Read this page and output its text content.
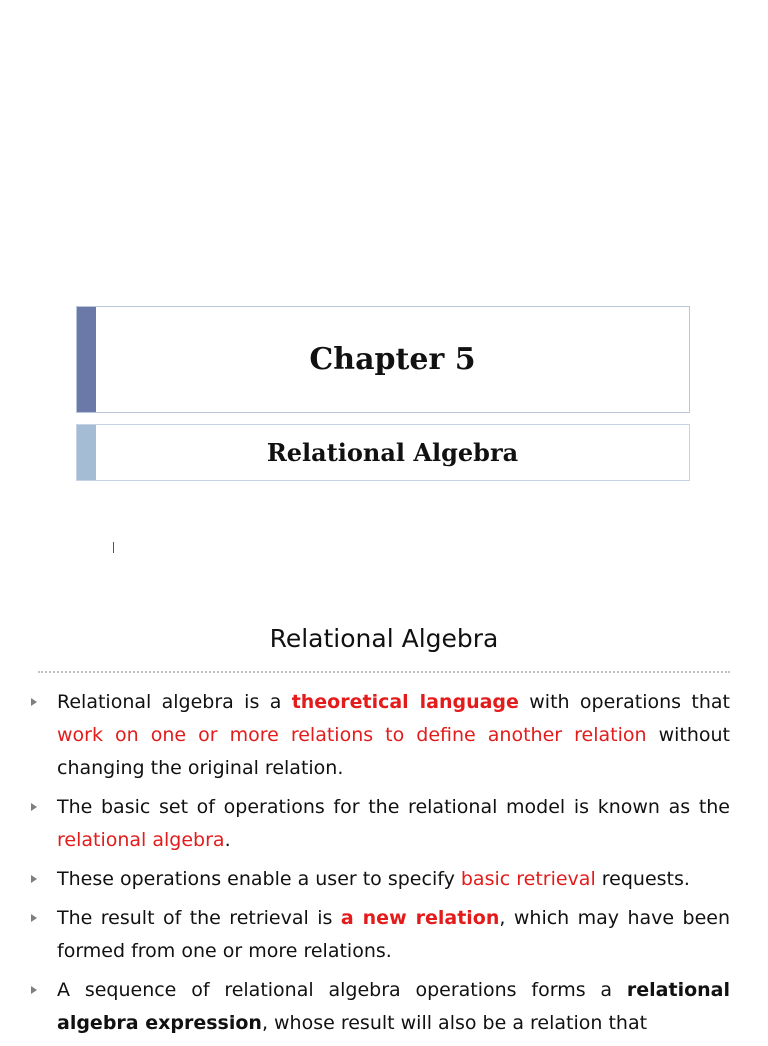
Chapter 5
Relational Algebra
Relational Algebra
Relational algebra is a theoretical language with operations that work on one or more relations to define another relation without changing the original relation.
The basic set of operations for the relational model is known as the relational algebra.
These operations enable a user to specify basic retrieval requests.
The result of the retrieval is a new relation, which may have been formed from one or more relations.
A sequence of relational algebra operations forms a relational algebra expression, whose result will also be a relation that
